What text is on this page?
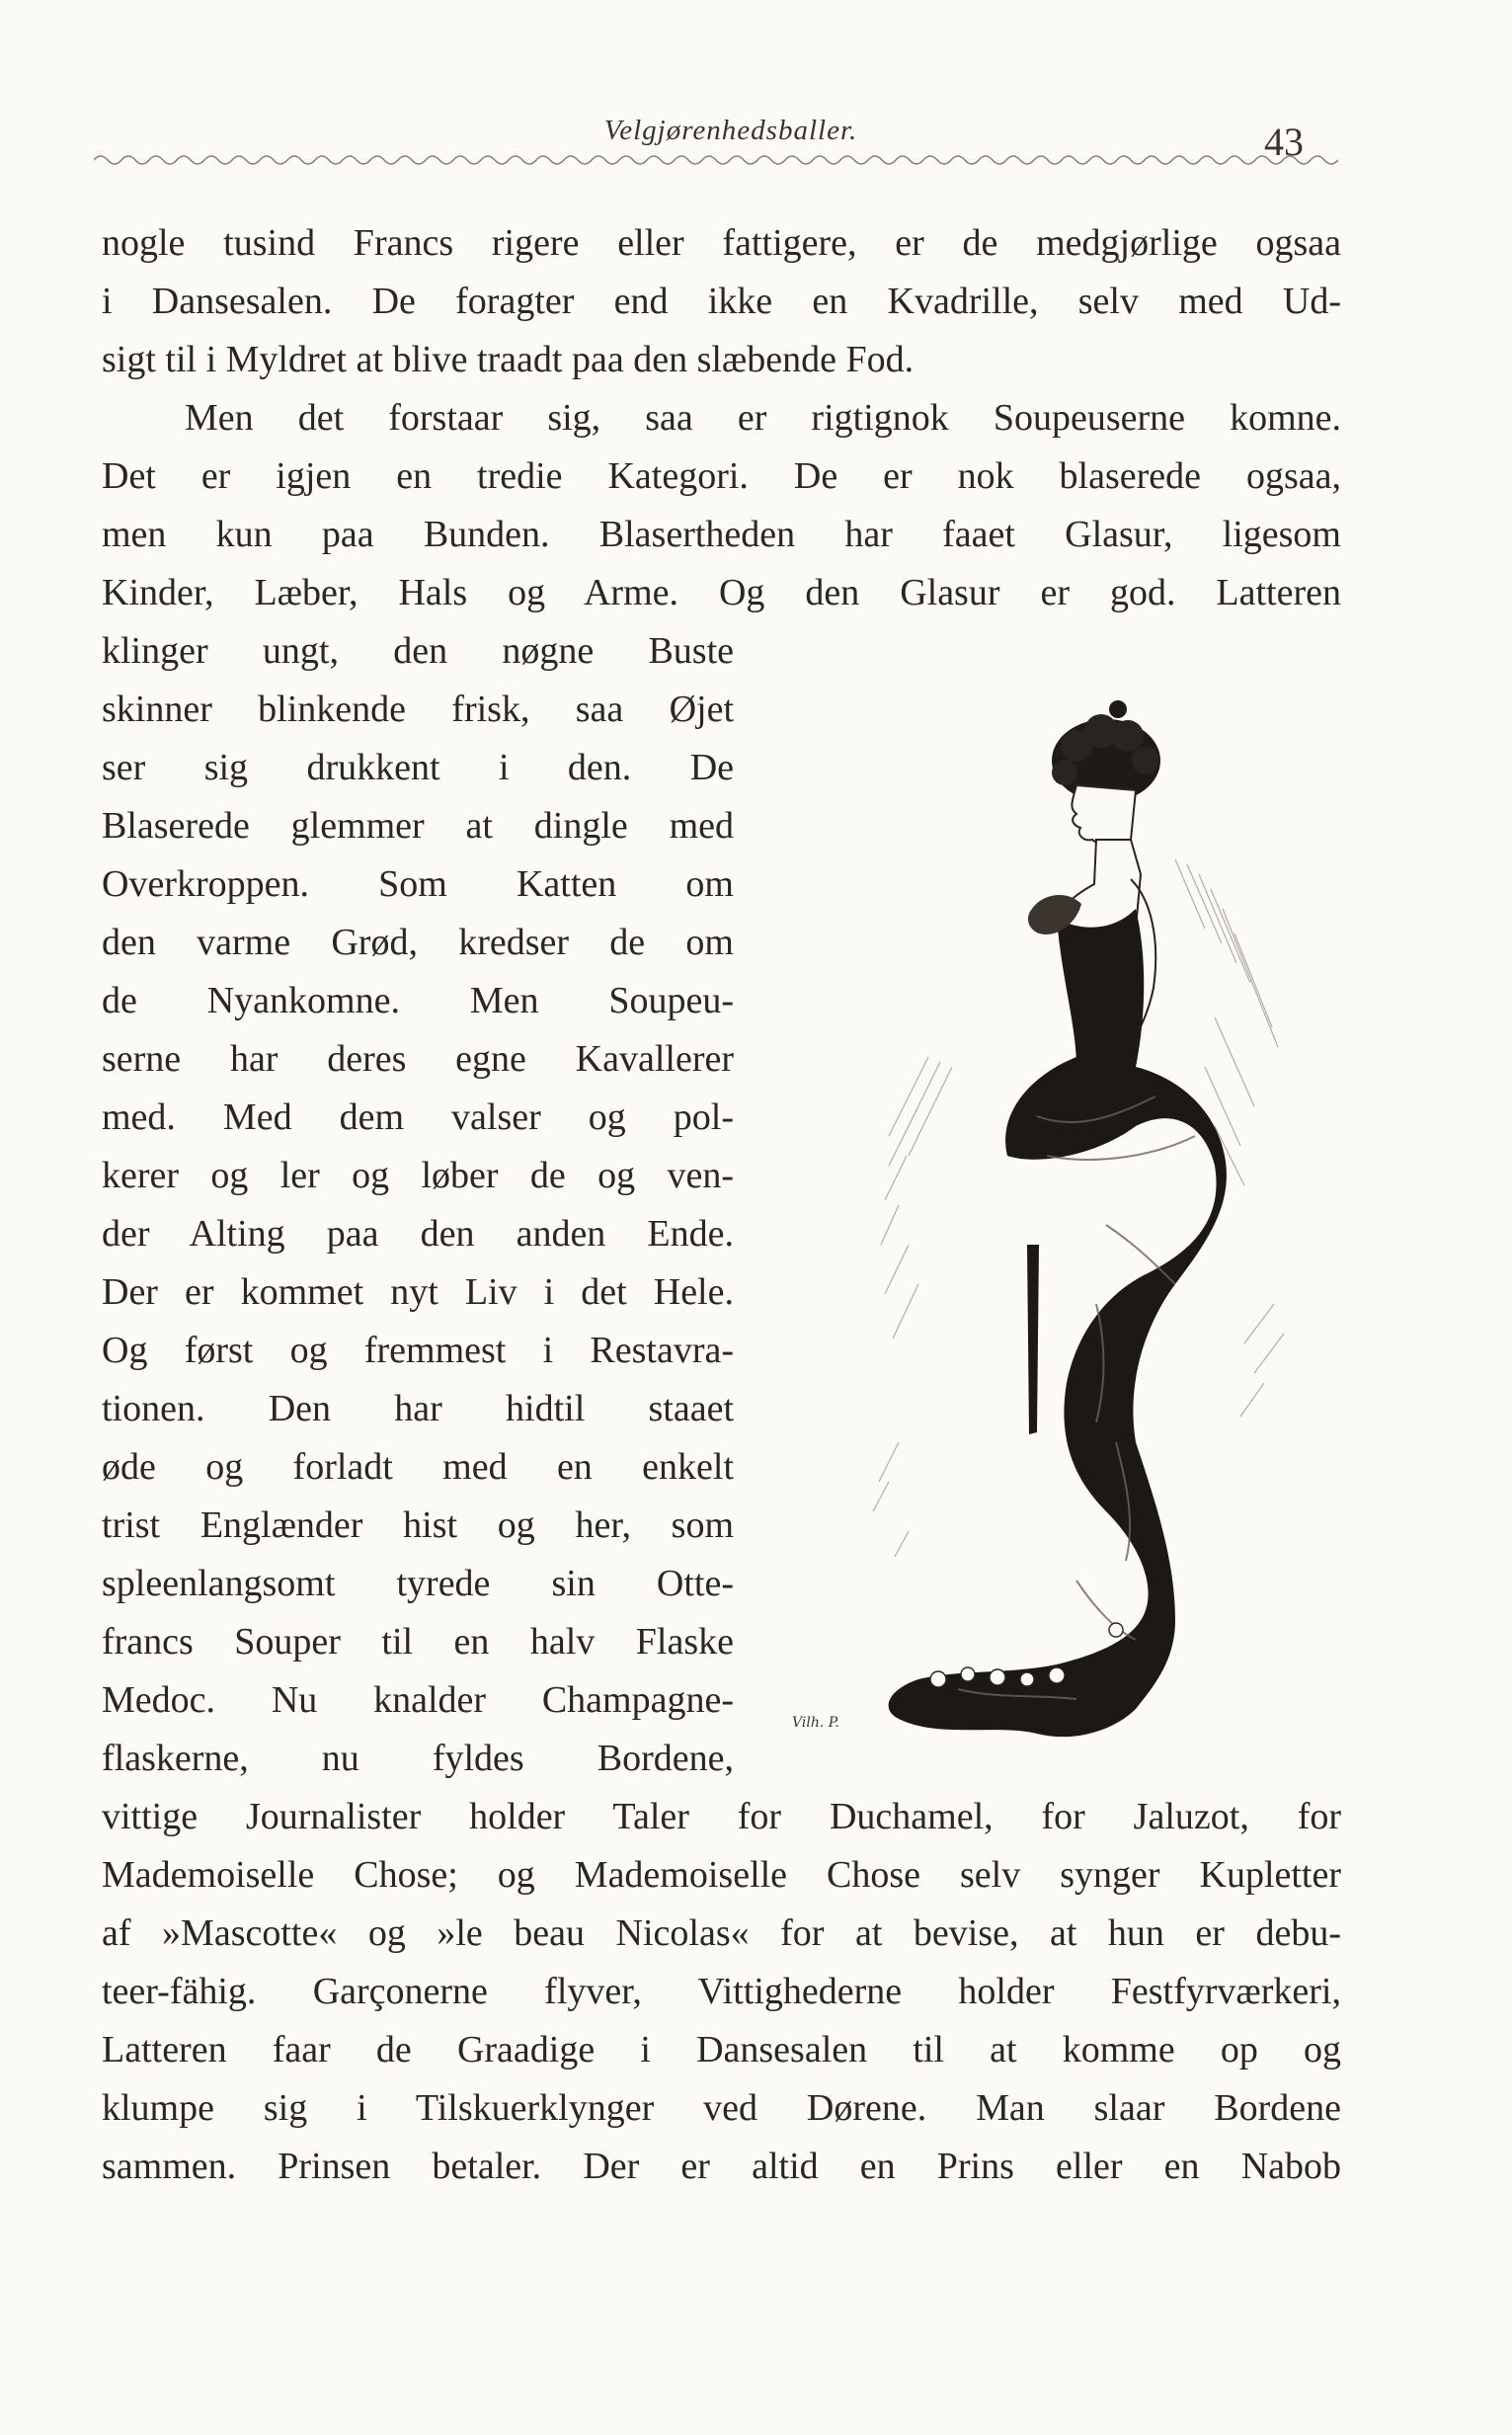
Velgjørenhedsballer.	43
nogle tusind Francs rigere eller fattigere, er de medgjørlige ogsaa
i Dansesalen. De foragter end ikke en Kvadrille, selv med Ud-
sigt til i Myldret at blive traadt paa den slæbende Fod.
Men det forstaar sig, saa er rigtignok Soupeuserne komne.
Det er igjen en tredie Kategori. De er nok blaserede ogsaa,
men kun paa Bunden. Blasertheden har faaet Glasur, ligesom
Kinder, Læber, Hals og Arme. Og den Glasur er god. Latteren
klinger ungt, den nøgne Buste
skinner blinkende frisk, saa Øjet
ser sig drukkent i den. De
Blaserede glemmer at dingle med
Overkroppen. Som Katten om
den varme Grød, kredser de om
de Nyankomne. Men Soupeu-
serne har deres egne Kavallerer
med. Med dem valser og pol-
kerer og ler og løber de og ven-
der Alting paa den anden Ende.
Der er kommet nyt Liv i det Hele.
Og først og fremmest i Restavra-
tionen. Den har hidtil staaet
øde og forladt med en enkelt
trist Englænder hist og her, som
spleenlangsomt tyrede sin Otte-
francs Souper til en halv Flaske
Medoc. Nu knalder Champagne-
flaskerne, nu fyldes Bordene,
vittige Journalister holder Taler for Duchamel, for Jaluzot, for
Mademoiselle Chose; og Mademoiselle Chose selv synger Kupletter
af »Mascotte« og »le beau Nicolas« for at bevise, at hun er debu-
teer-fähig. Garçonerne flyver, Vittighederne holder Festfyrværkeri,
Latteren faar de Graadige i Dansesalen til at komme op og
klumpe sig i Tilskuerklynger ved Dørene. Man slaar Bordene
sammen. Prinsen betaler. Der er altid en Prins eller en Nabob
Vilh. P.
